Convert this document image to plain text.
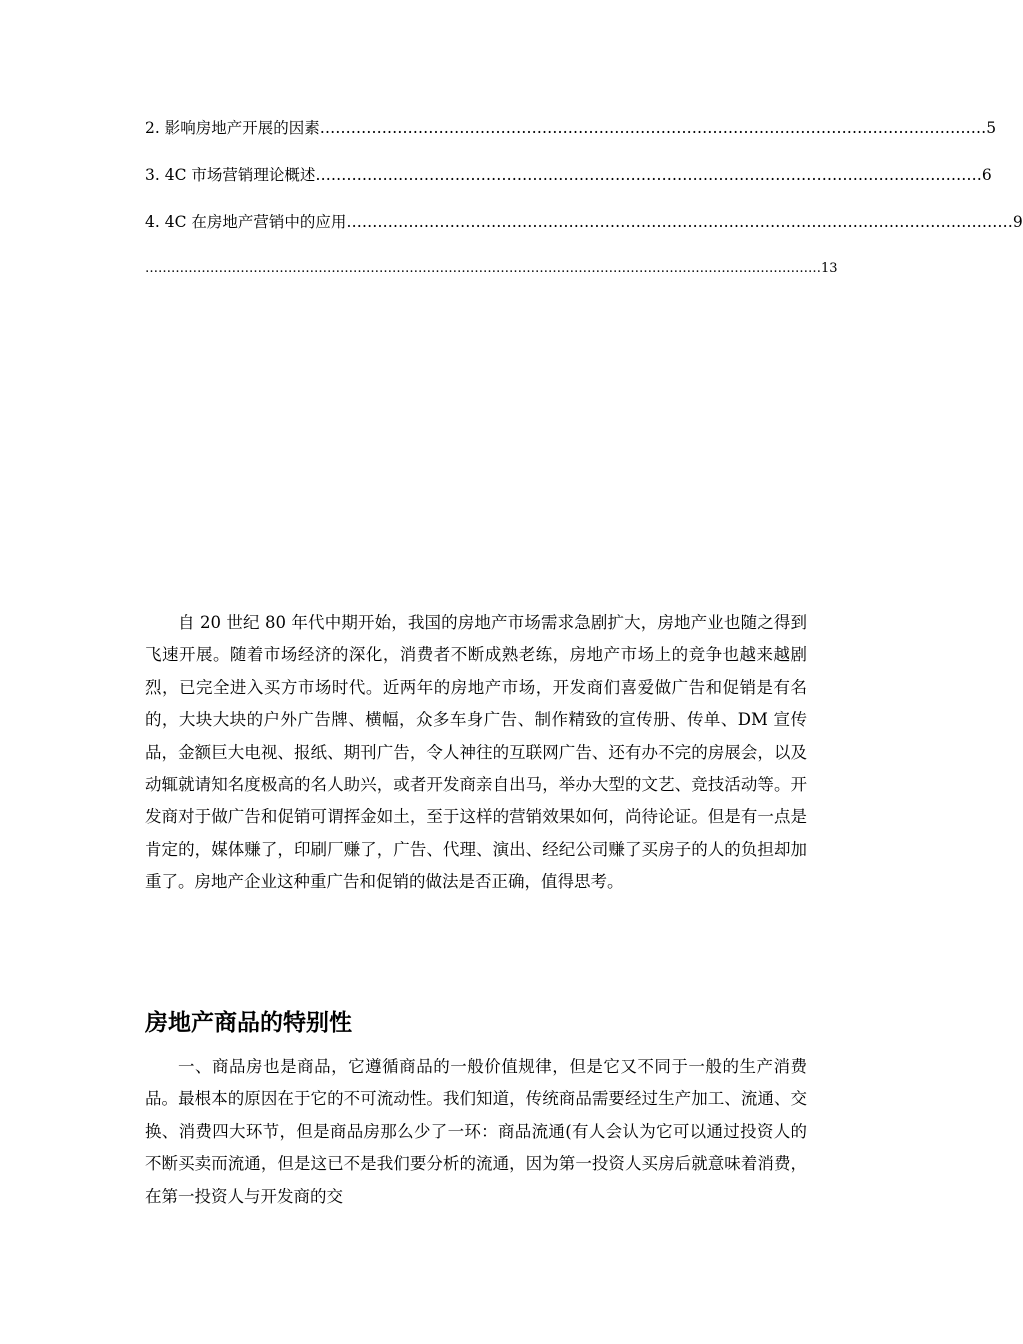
2. 影响房地产开展的因素 ………………………………………………………………………………………………………………… 5
3. 4C 市场营销理论概述 ………………………………………………………………………………………………………………… 6
4. 4C 在房地产营销中的应用 ………………………………………………………………………………………………………………… 9
………………………………………………………………………………………………………………………………………… 13

自 20 世纪 80 年代中期开始，我国的房地产市场需求急剧扩大，房地产业也随之得到飞速开展。随着市场经济的深化，消费者不断成熟老练，房地产市场上的竞争也越来越剧烈，已完全进入买方市场时代。近两年的房地产市场，开发商们喜爱做广告和促销是有名的，大块大块的户外广告牌、横幅，众多车身广告、制作精致的宣传册、传单、DM 宣传品，金额巨大电视、报纸、期刊广告，令人神往的互联网广告、还有办不完的房展会，以及动辄就请知名度极高的名人助兴，或者开发商亲自出马，举办大型的文艺、竞技活动等。开发商对于做广告和促销可谓挥金如土，至于这样的营销效果如何，尚待论证。但是有一点是肯定的，媒体赚了，印刷厂赚了，广告、代理、演出、经纪公司赚了买房子的人的负担却加重了。房地产企业这种重广告和促销的做法是否正确，值得思考。

房地产商品的特别性

一、商品房也是商品，它遵循商品的一般价值规律，但是它又不同于一般的生产消费品。最根本的原因在于它的不可流动性。我们知道，传统商品需要经过生产加工、流通、交换、消费四大环节，但是商品房那么少了一环：商品流通(有人会认为它可以通过投资人的不断买卖而流通，但是这已不是我们要分析的流通，因为第一投资人买房后就意味着消费，在第一投资人与开发商的交
